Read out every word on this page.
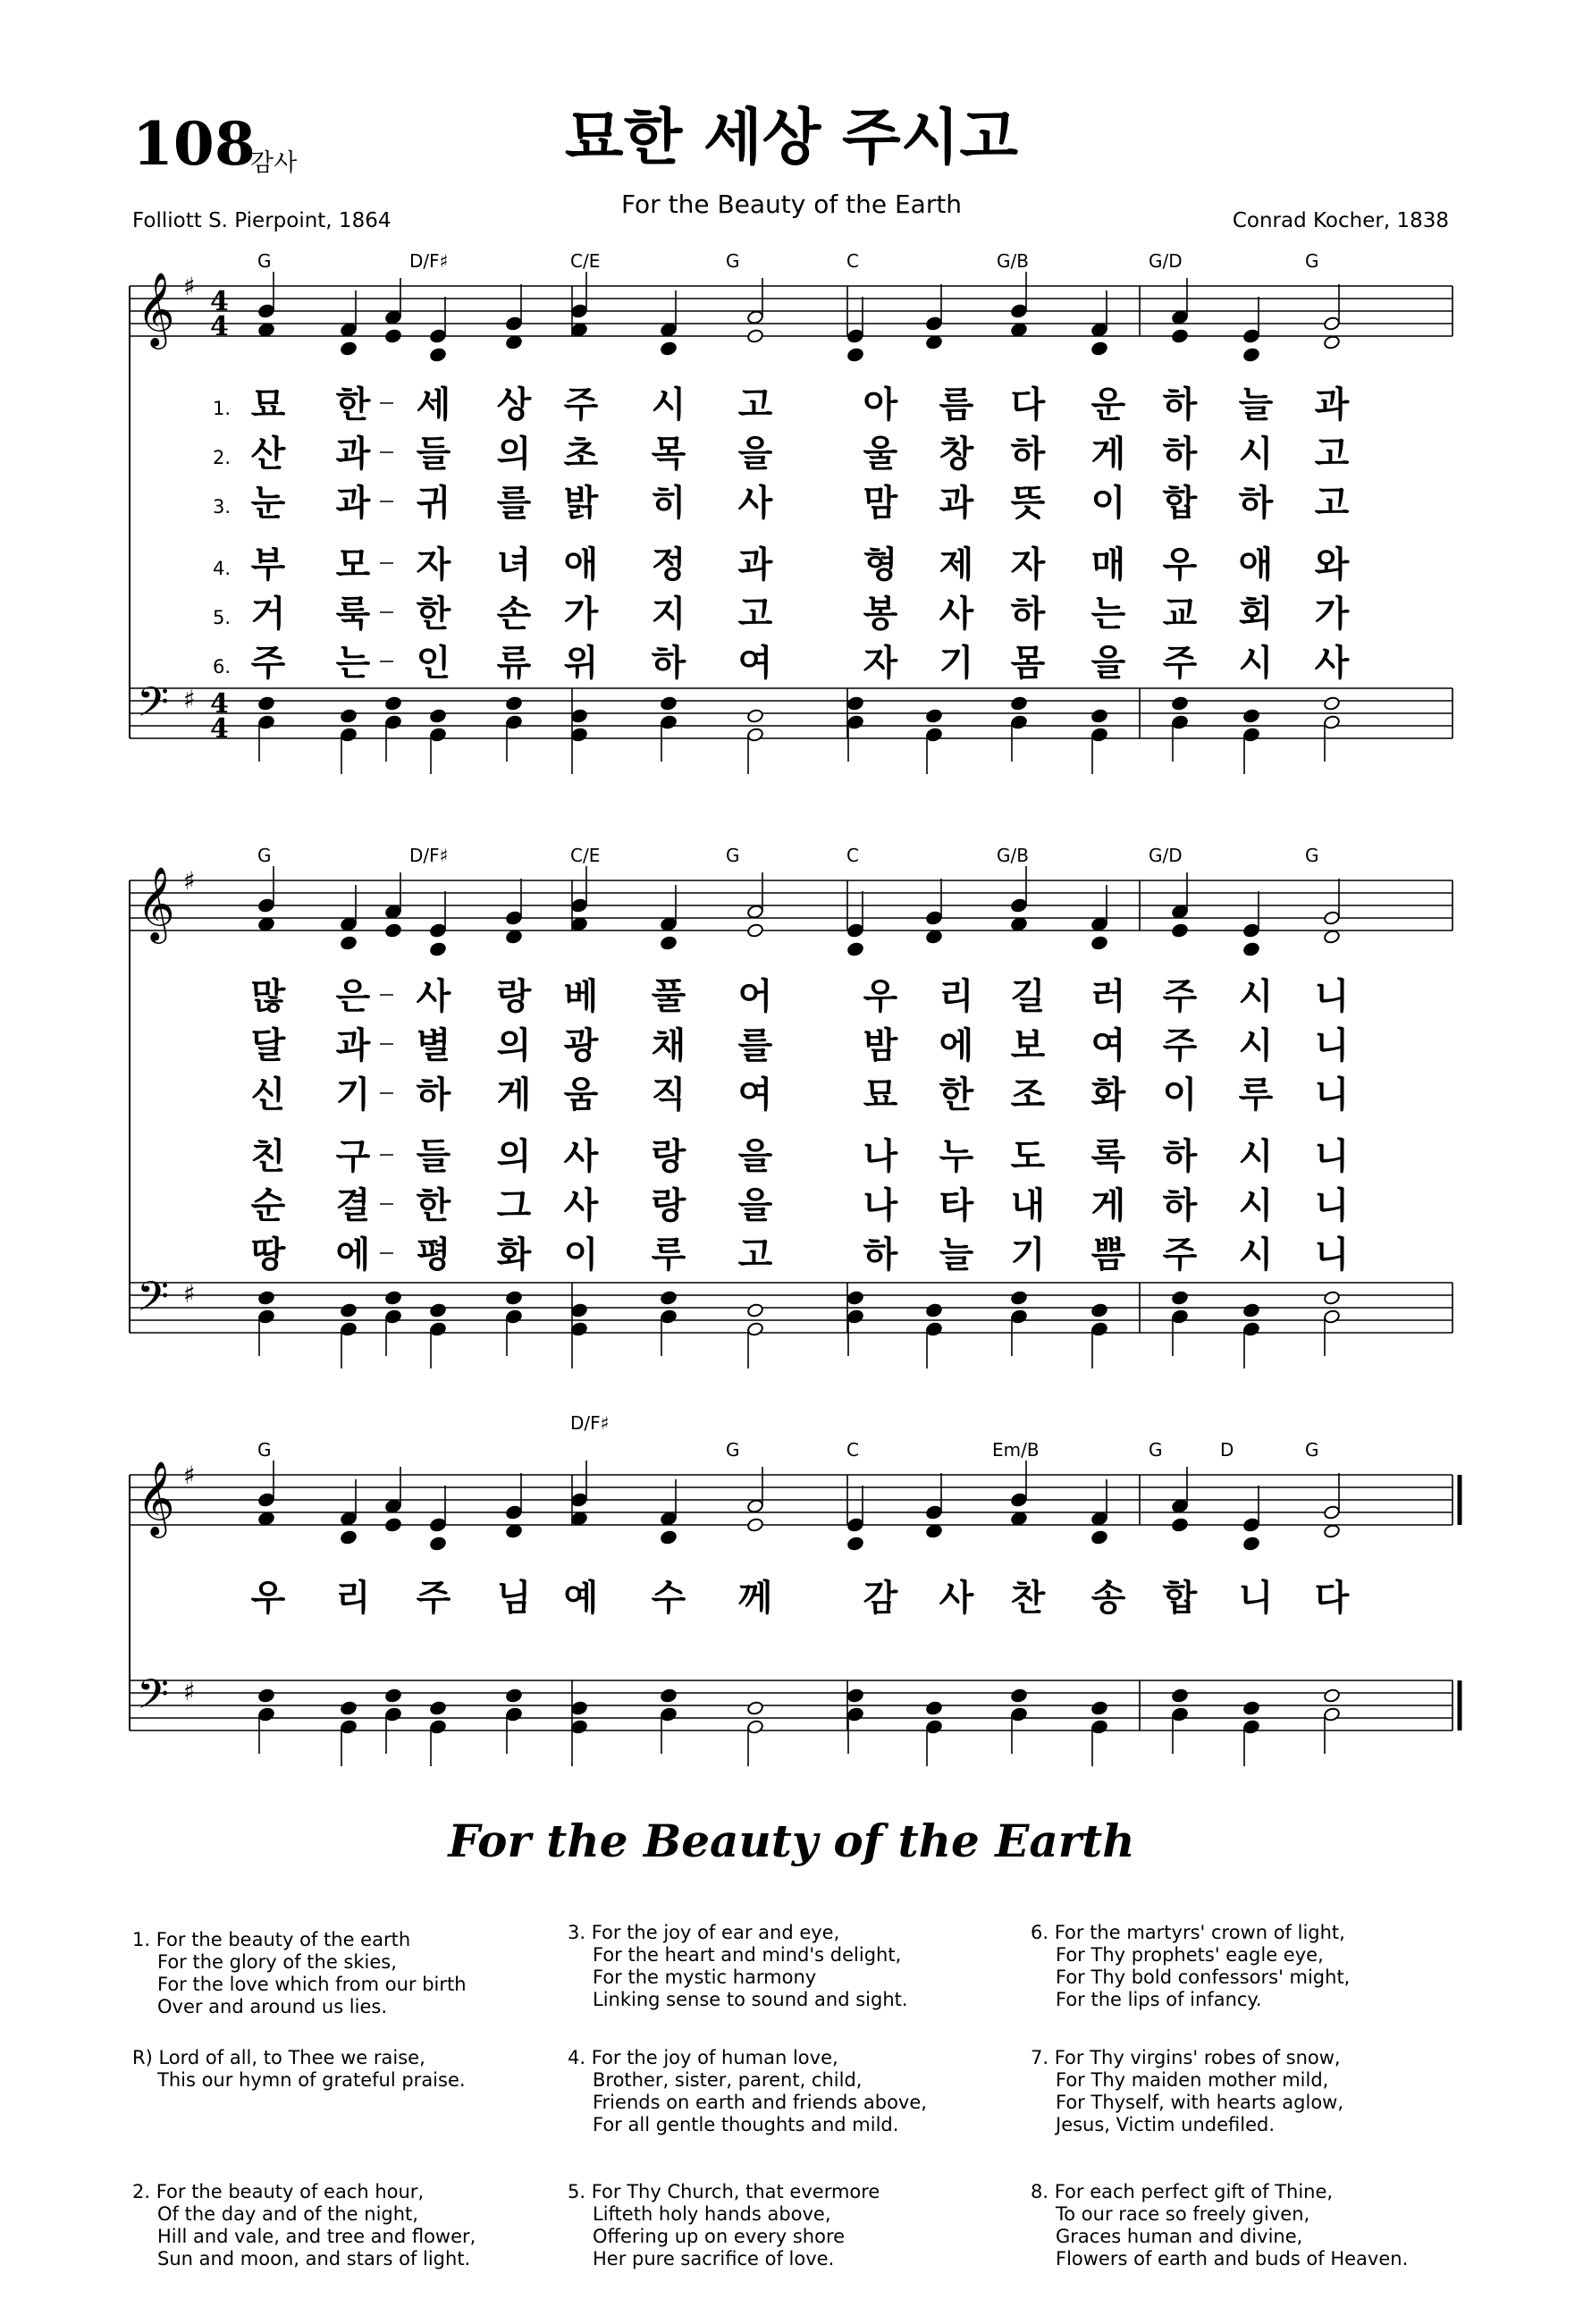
108
감사	묘한 세상 주시고
For the Beauty of the Earth
Folliott S. Pierpoint, 1864	Conrad Kocher, 1838
𝄞 ♯ 4
4
𝄢 ♯ 4
4
𝄞 ♯
𝄢 ♯
𝄞 ♯
𝄢 ♯
G	D/F♯	C/E	G	C	G/B	G/D	G
1. 묘 한 세 상 주 시 고	아 름 다 운 하 늘 과
2. 산 과 들 의 초 목 을	울 창 하 게 하 시 고
3. 눈 과 귀 를 밝 히 사	맘 과 뜻 이 합 하 고
4. 부 모 자 녀 애 정 과	형 제 자 매 우 애 와
5. 거 룩 한 손 가 지 고	봉 사 하 는 교 회 가
6. 주 는 인 류 위 하 여	자 기 몸 을 주 시 사
G	D/F♯	C/E	G	C	G/B	G/D	G
많 은 사 랑 베 풀 어	우 리 길 러 주 시 니
달 과 별 의 광 채 를	밤 에 보 여 주 시 니
신 기 하 게 움 직 여	묘 한 조 화 이 루 니
친 구 들 의 사 랑 을	나 누 도 록 하 시 니
순 결 한 그 사 랑 을	나 타 내 게 하 시 니
땅 에 평 화 이 루 고	하 늘 기 쁨 주 시 니
G
D/F♯
G	C	Em/B	G	D	G
우 리 주 님 예 수 께	감 사 찬 송 합 니 다
For the Beauty of the Earth

1. For the beauty of the earth
For the glory of the skies,
For the love which from our birth
Over and around us lies.

R) Lord of all, to Thee we raise,
This our hymn of grateful praise.

2. For the beauty of each hour,
Of the day and of the night,
Hill and vale, and tree and flower,
Sun and moon, and stars of light.

3. For the joy of ear and eye,
For the heart and mind's delight,
For the mystic harmony
Linking sense to sound and sight.

4. For the joy of human love,
Brother, sister, parent, child,
Friends on earth and friends above,
For all gentle thoughts and mild.

5. For Thy Church, that evermore
Lifteth holy hands above,
Offering up on every shore
Her pure sacrifice of love.

6. For the martyrs' crown of light,
For Thy prophets' eagle eye,
For Thy bold confessors' might,
For the lips of infancy.

7. For Thy virgins' robes of snow,
For Thy maiden mother mild,
For Thyself, with hearts aglow,
Jesus, Victim undefiled.

8. For each perfect gift of Thine,
To our race so freely given,
Graces human and divine,
Flowers of earth and buds of Heaven.
